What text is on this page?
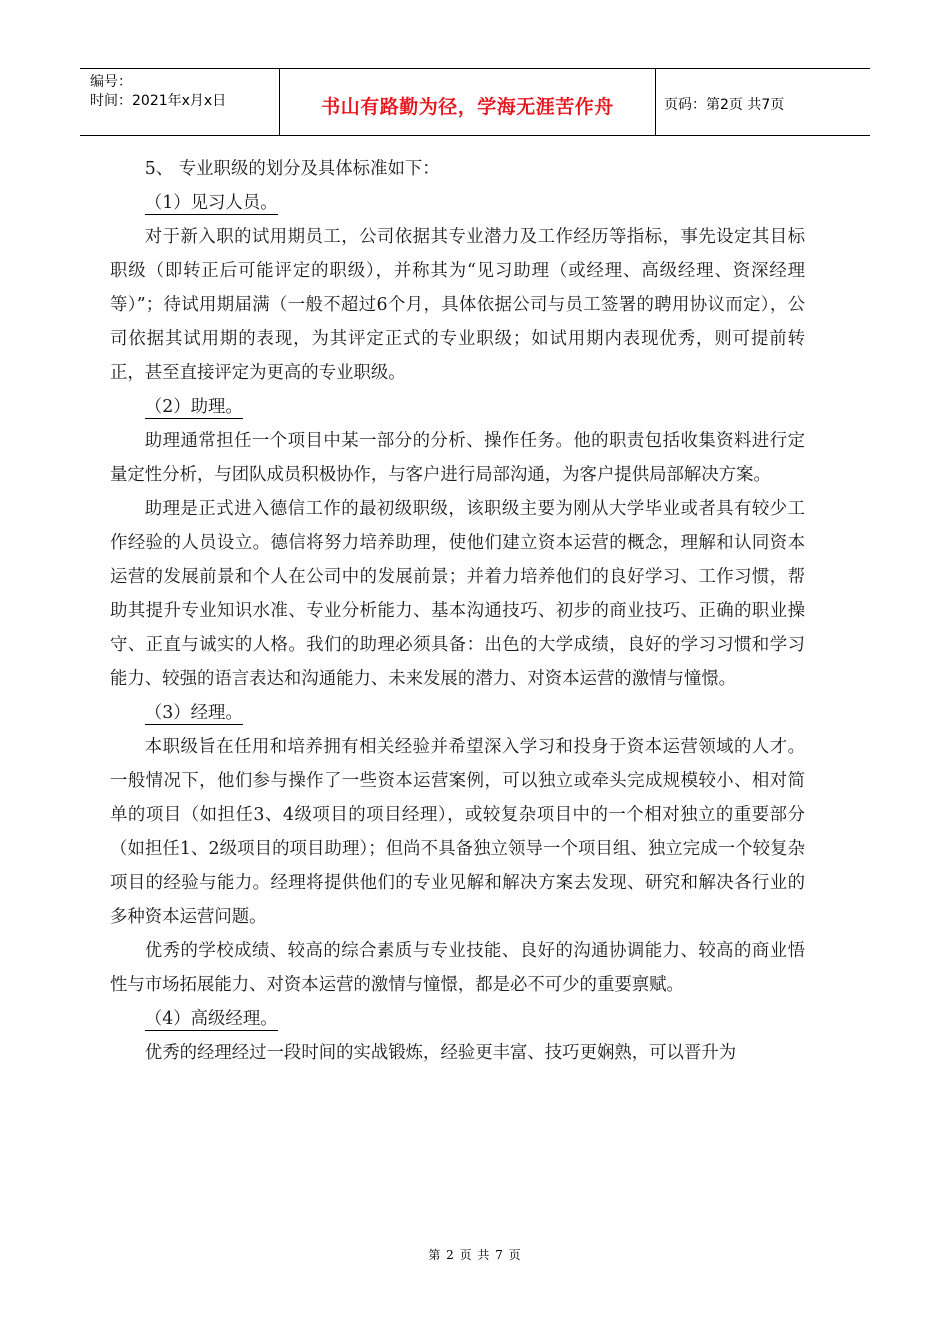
编号：
时间：2021年x月x日	书山有路勤为径，学海无涯苦作舟	页码：第2页 共7页

5、 专业职级的划分及具体标准如下：

（1）见习人员。

对于新入职的试用期员工，公司依据其专业潜力及工作经历等指标，事先设定其目标职级（即转正后可能评定的职级），并称其为“见习助理（或经理、高级经理、资深经理等）”；待试用期届满（一般不超过6个月，具体依据公司与员工签署的聘用协议而定），公司依据其试用期的表现，为其评定正式的专业职级；如试用期内表现优秀，则可提前转正，甚至直接评定为更高的专业职级。

（2）助理。

助理通常担任一个项目中某一部分的分析、操作任务。他的职责包括收集资料进行定量定性分析，与团队成员积极协作，与客户进行局部沟通，为客户提供局部解决方案。

助理是正式进入德信工作的最初级职级，该职级主要为刚从大学毕业或者具有较少工作经验的人员设立。德信将努力培养助理，使他们建立资本运营的概念，理解和认同资本运营的发展前景和个人在公司中的发展前景；并着力培养他们的良好学习、工作习惯，帮助其提升专业知识水准、专业分析能力、基本沟通技巧、初步的商业技巧、正确的职业操守、正直与诚实的人格。我们的助理必须具备：出色的大学成绩，良好的学习习惯和学习能力、较强的语言表达和沟通能力、未来发展的潜力、对资本运营的激情与憧憬。

（3）经理。

本职级旨在任用和培养拥有相关经验并希望深入学习和投身于资本运营领域的人才。一般情况下，他们参与操作了一些资本运营案例，可以独立或牵头完成规模较小、相对简单的项目（如担任3、4级项目的项目经理），或较复杂项目中的一个相对独立的重要部分（如担任1、2级项目的项目助理）；但尚不具备独立领导一个项目组、独立完成一个较复杂项目的经验与能力。经理将提供他们的专业见解和解决方案去发现、研究和解决各行业的多种资本运营问题。

优秀的学校成绩、较高的综合素质与专业技能、良好的沟通协调能力、较高的商业悟性与市场拓展能力、对资本运营的激情与憧憬，都是必不可少的重要禀赋。

（4）高级经理。

优秀的经理经过一段时间的实战锻炼，经验更丰富、技巧更娴熟，可以晋升为

第 2 页 共 7 页
